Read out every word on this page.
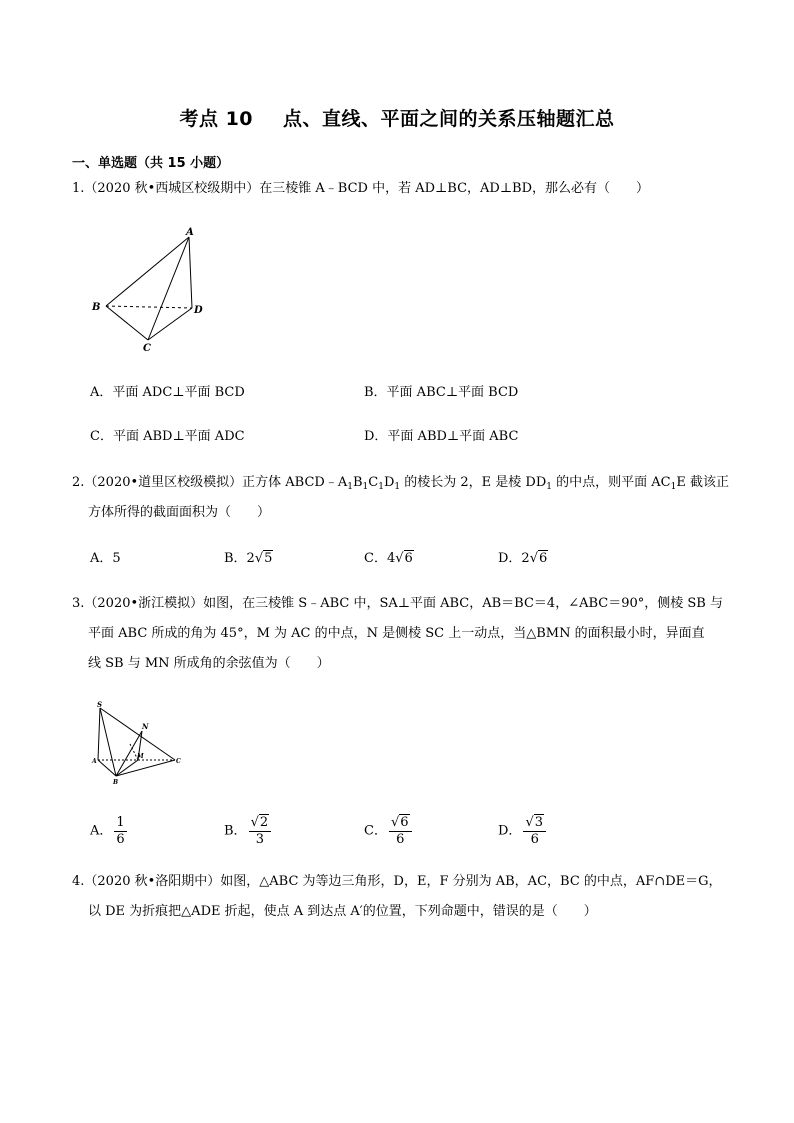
考点 10 点、直线、平面之间的关系压轴题汇总
一、单选题（共 15 小题）
1.（2020 秋•西城区校级期中）在三棱锥 A﹣BCD 中，若 AD⊥BC，AD⊥BD，那么必有（　　）
A
B	D
C
A．平面 ADC⊥平面 BCD	B．平面 ABC⊥平面 BCD
C．平面 ABD⊥平面 ADC	D．平面 ABD⊥平面 ABC
2.（2020•道里区校级模拟）正方体 $ABCD﹣A_1B_1C_1D_1$ 的棱长为 2，E 是棱 $DD_1$ 的中点，则平面 $AC_1E$ 截该正
方体所得的截面面积为（　　）
A．5	B．2√5	C．4√6	D．2√6
3.（2020•浙江模拟）如图，在三棱锥 S﹣ABC 中，SA⊥平面 ABC，AB＝BC＝4，∠ABC＝90°，侧棱 SB 与
平面 ABC 所成的角为 45°，M 为 AC 的中点，N 是侧棱 SC 上一动点，当△BMN 的面积最小时，异面直
线 SB 与 MN 所成角的余弦值为（　　）
S
N
M
A
B
C
A． $\frac{1}{6}$	B． $\frac{√2}{3}$	C． $\frac{√6}{6}$	D． $\frac{√3}{6}$
4.（2020 秋•洛阳期中）如图，△ABC 为等边三角形，D，E，F 分别为 AB，AC，BC 的中点，AF∩DE＝G，
以 DE 为折痕把△ADE 折起，使点 A 到达点 A′的位置，下列命题中，错误的是（　　）
